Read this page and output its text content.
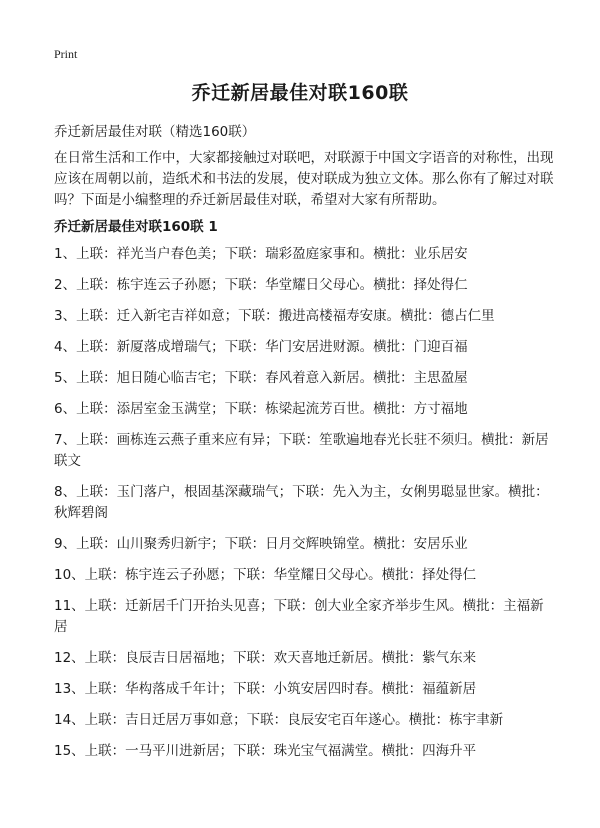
Print
乔迁新居最佳对联160联

乔迁新居最佳对联（精选160联）

在日常生活和工作中，大家都接触过对联吧，对联源于中国文字语音的对称性，出现应该在周朝以前，造纸术和书法的发展，使对联成为独立文体。那么你有了解过对联吗？下面是小编整理的乔迁新居最佳对联，希望对大家有所帮助。

乔迁新居最佳对联160联 1
1、上联：祥光当户春色美；下联：瑞彩盈庭家事和。横批：业乐居安
2、上联：栋宇连云子孙愿；下联：华堂耀日父母心。横批：择处得仁
3、上联：迁入新宅吉祥如意；下联：搬进高楼福寿安康。横批：德占仁里
4、上联：新厦落成增瑞气；下联：华门安居进财源。横批：门迎百福
5、上联：旭日随心临吉宅；下联：春风着意入新居。横批：主思盈屋
6、上联：添居室金玉满堂；下联：栋梁起流芳百世。横批：方寸福地
7、上联：画栋连云燕子重来应有异；下联：笙歌遍地春光长驻不须归。横批：新居联文
8、上联：玉门落户，根固基深藏瑞气；下联：先入为主，女俐男聪显世家。横批：秋辉碧阁
9、上联：山川聚秀归新宇；下联：日月交辉映锦堂。横批：安居乐业
10、上联：栋宇连云子孙愿；下联：华堂耀日父母心。横批：择处得仁
11、上联：迁新居千门开抬头见喜；下联：创大业全家齐举步生风。横批：主福新居
12、上联：良辰吉日居福地；下联：欢天喜地迁新居。横批：紫气东来
13、上联：华构落成千年计；下联：小筑安居四时春。横批：福蕴新居
14、上联：吉日迁居万事如意；下联：良辰安宅百年遂心。横批：栋宇聿新
15、上联：一马平川进新居；下联：珠光宝气福满堂。横批：四海升平
